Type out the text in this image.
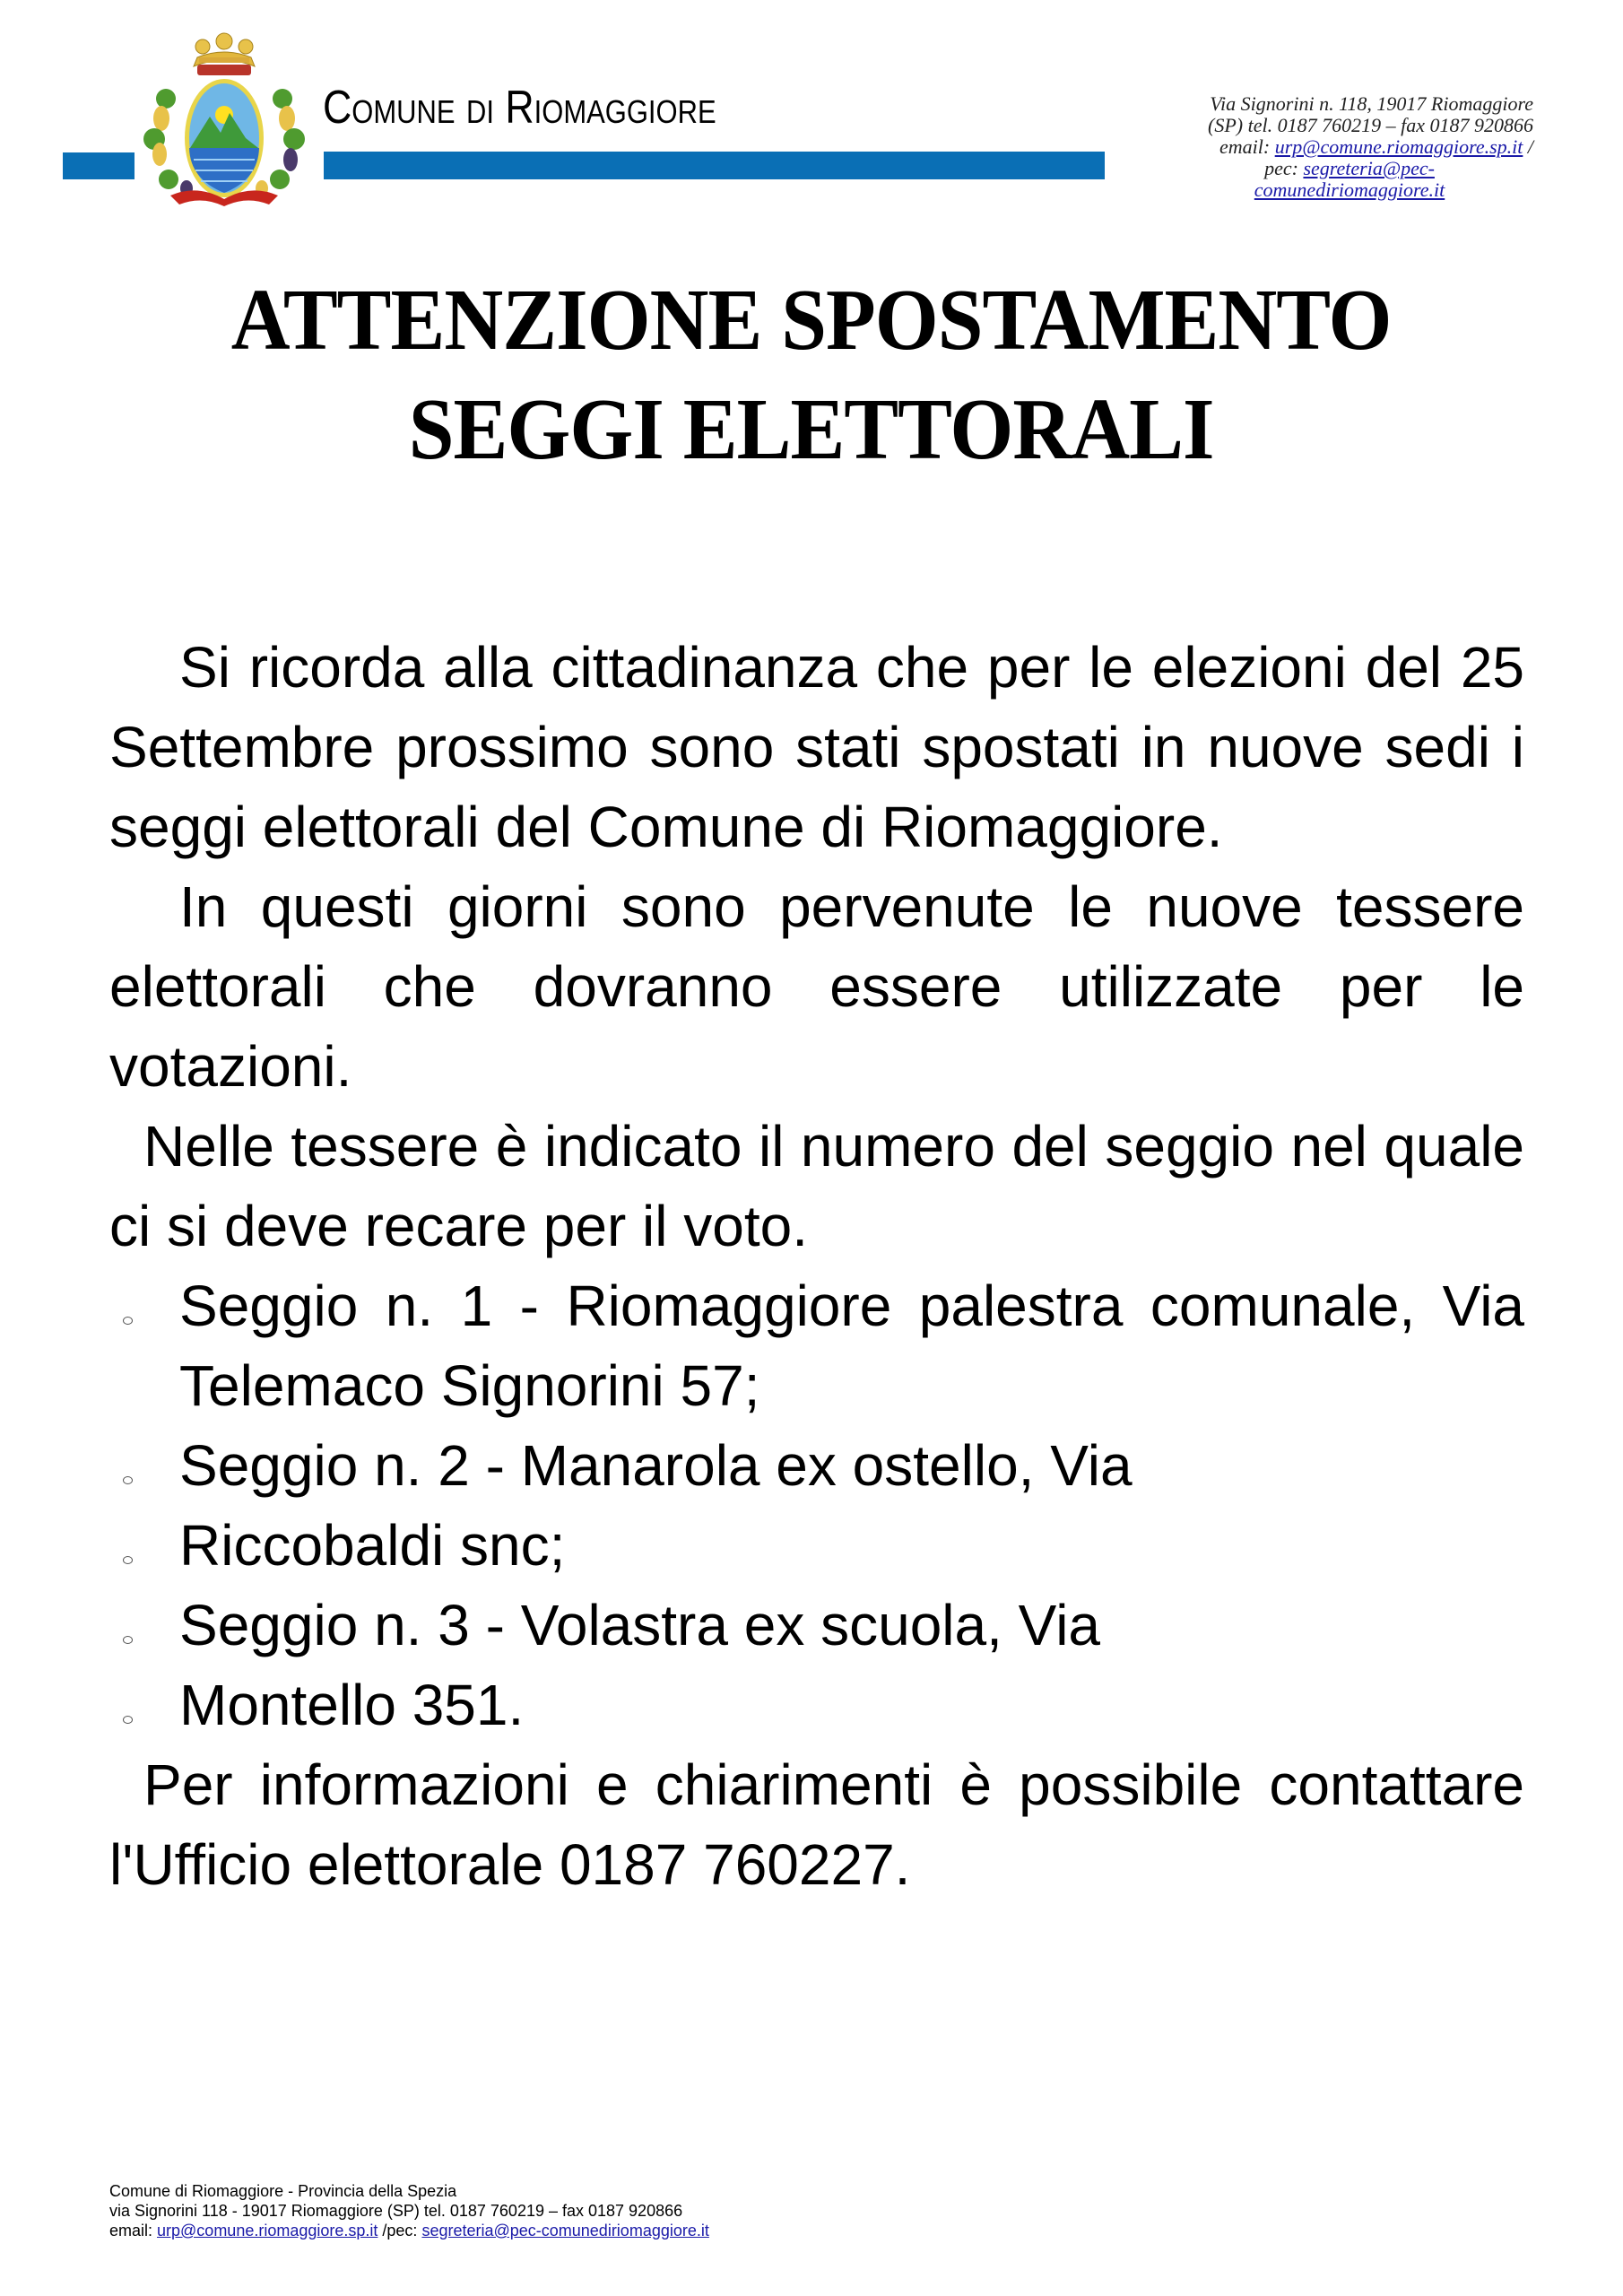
Comune di Riomaggiore	Via Signorini n. 118, 19017 Riomaggiore
(SP) tel. 0187 760219 – fax 0187 920866
email: urp@comune.riomaggiore.sp.it /
pec: segreteria@pec-
comunediriomaggiore.it
ATTENZIONE SPOSTAMENTO
SEGGI ELETTORALI

Si ricorda alla cittadinanza che per le elezioni del 25 Settembre prossimo sono stati spostati in nuove sedi i seggi elettorali del Comune di Riomaggiore.

In questi giorni sono pervenute le nuove tessere elettorali che dovranno essere utilizzate per le votazioni.

Nelle tessere è indicato il numero del seggio nel quale ci si deve recare per il voto.

Seggio n. 1 - Riomaggiore palestra comunale, Via Telemaco Signorini 57;
Seggio n. 2 - Manarola ex ostello, Via
Riccobaldi snc;
Seggio n. 3 - Volastra ex scuola, Via
Montello 351.

Per informazioni e chiarimenti è possibile contattare l'Ufficio elettorale 0187 760227.

Comune di Riomaggiore - Provincia della Spezia
via Signorini 118 - 19017 Riomaggiore (SP) tel. 0187 760219 – fax 0187 920866
email: urp@comune.riomaggiore.sp.it /pec: segreteria@pec-comunediriomaggiore.it
